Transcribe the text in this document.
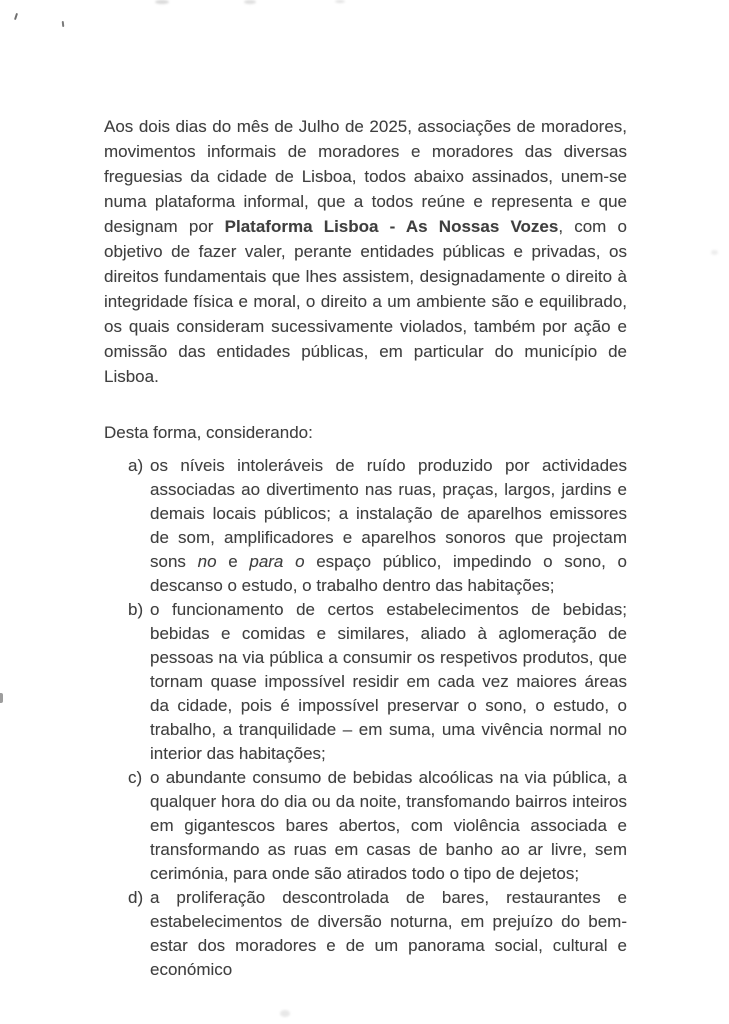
Aos dois dias do mês de Julho de 2025, associações de moradores, movimentos informais de moradores e moradores das diversas freguesias da cidade de Lisboa, todos abaixo assinados, unem-se numa plataforma informal, que a todos reúne e representa e que designam por Plataforma Lisboa - As Nossas Vozes, com o objetivo de fazer valer, perante entidades públicas e privadas, os direitos fundamentais que lhes assistem, designadamente o direito à integridade física e moral, o direito a um ambiente são e equilibrado, os quais consideram sucessivamente violados, também por ação e omissão das entidades públicas, em particular do município de Lisboa.

Desta forma, considerando:

a) os níveis intoleráveis de ruído produzido por actividades associadas ao divertimento nas ruas, praças, largos, jardins e demais locais públicos; a instalação de aparelhos emissores de som, amplificadores e aparelhos sonoros que projectam sons no e para o espaço público, impedindo o sono, o descanso o estudo, o trabalho dentro das habitações;
b) o funcionamento de certos estabelecimentos de bebidas; bebidas e comidas e similares, aliado à aglomeração de pessoas na via pública a consumir os respetivos produtos, que tornam quase impossível residir em cada vez maiores áreas da cidade, pois é impossível preservar o sono, o estudo, o trabalho, a tranquilidade – em suma, uma vivência normal no interior das habitações;
c) o abundante consumo de bebidas alcoólicas na via pública, a qualquer hora do dia ou da noite, transfomando bairros inteiros em gigantescos bares abertos, com violência associada e transformando as ruas em casas de banho ao ar livre, sem cerimónia, para onde são atirados todo o tipo de dejetos;
d) a proliferação descontrolada de bares, restaurantes e estabelecimentos de diversão noturna, em prejuízo do bem-estar dos moradores e de um panorama social, cultural e económico
